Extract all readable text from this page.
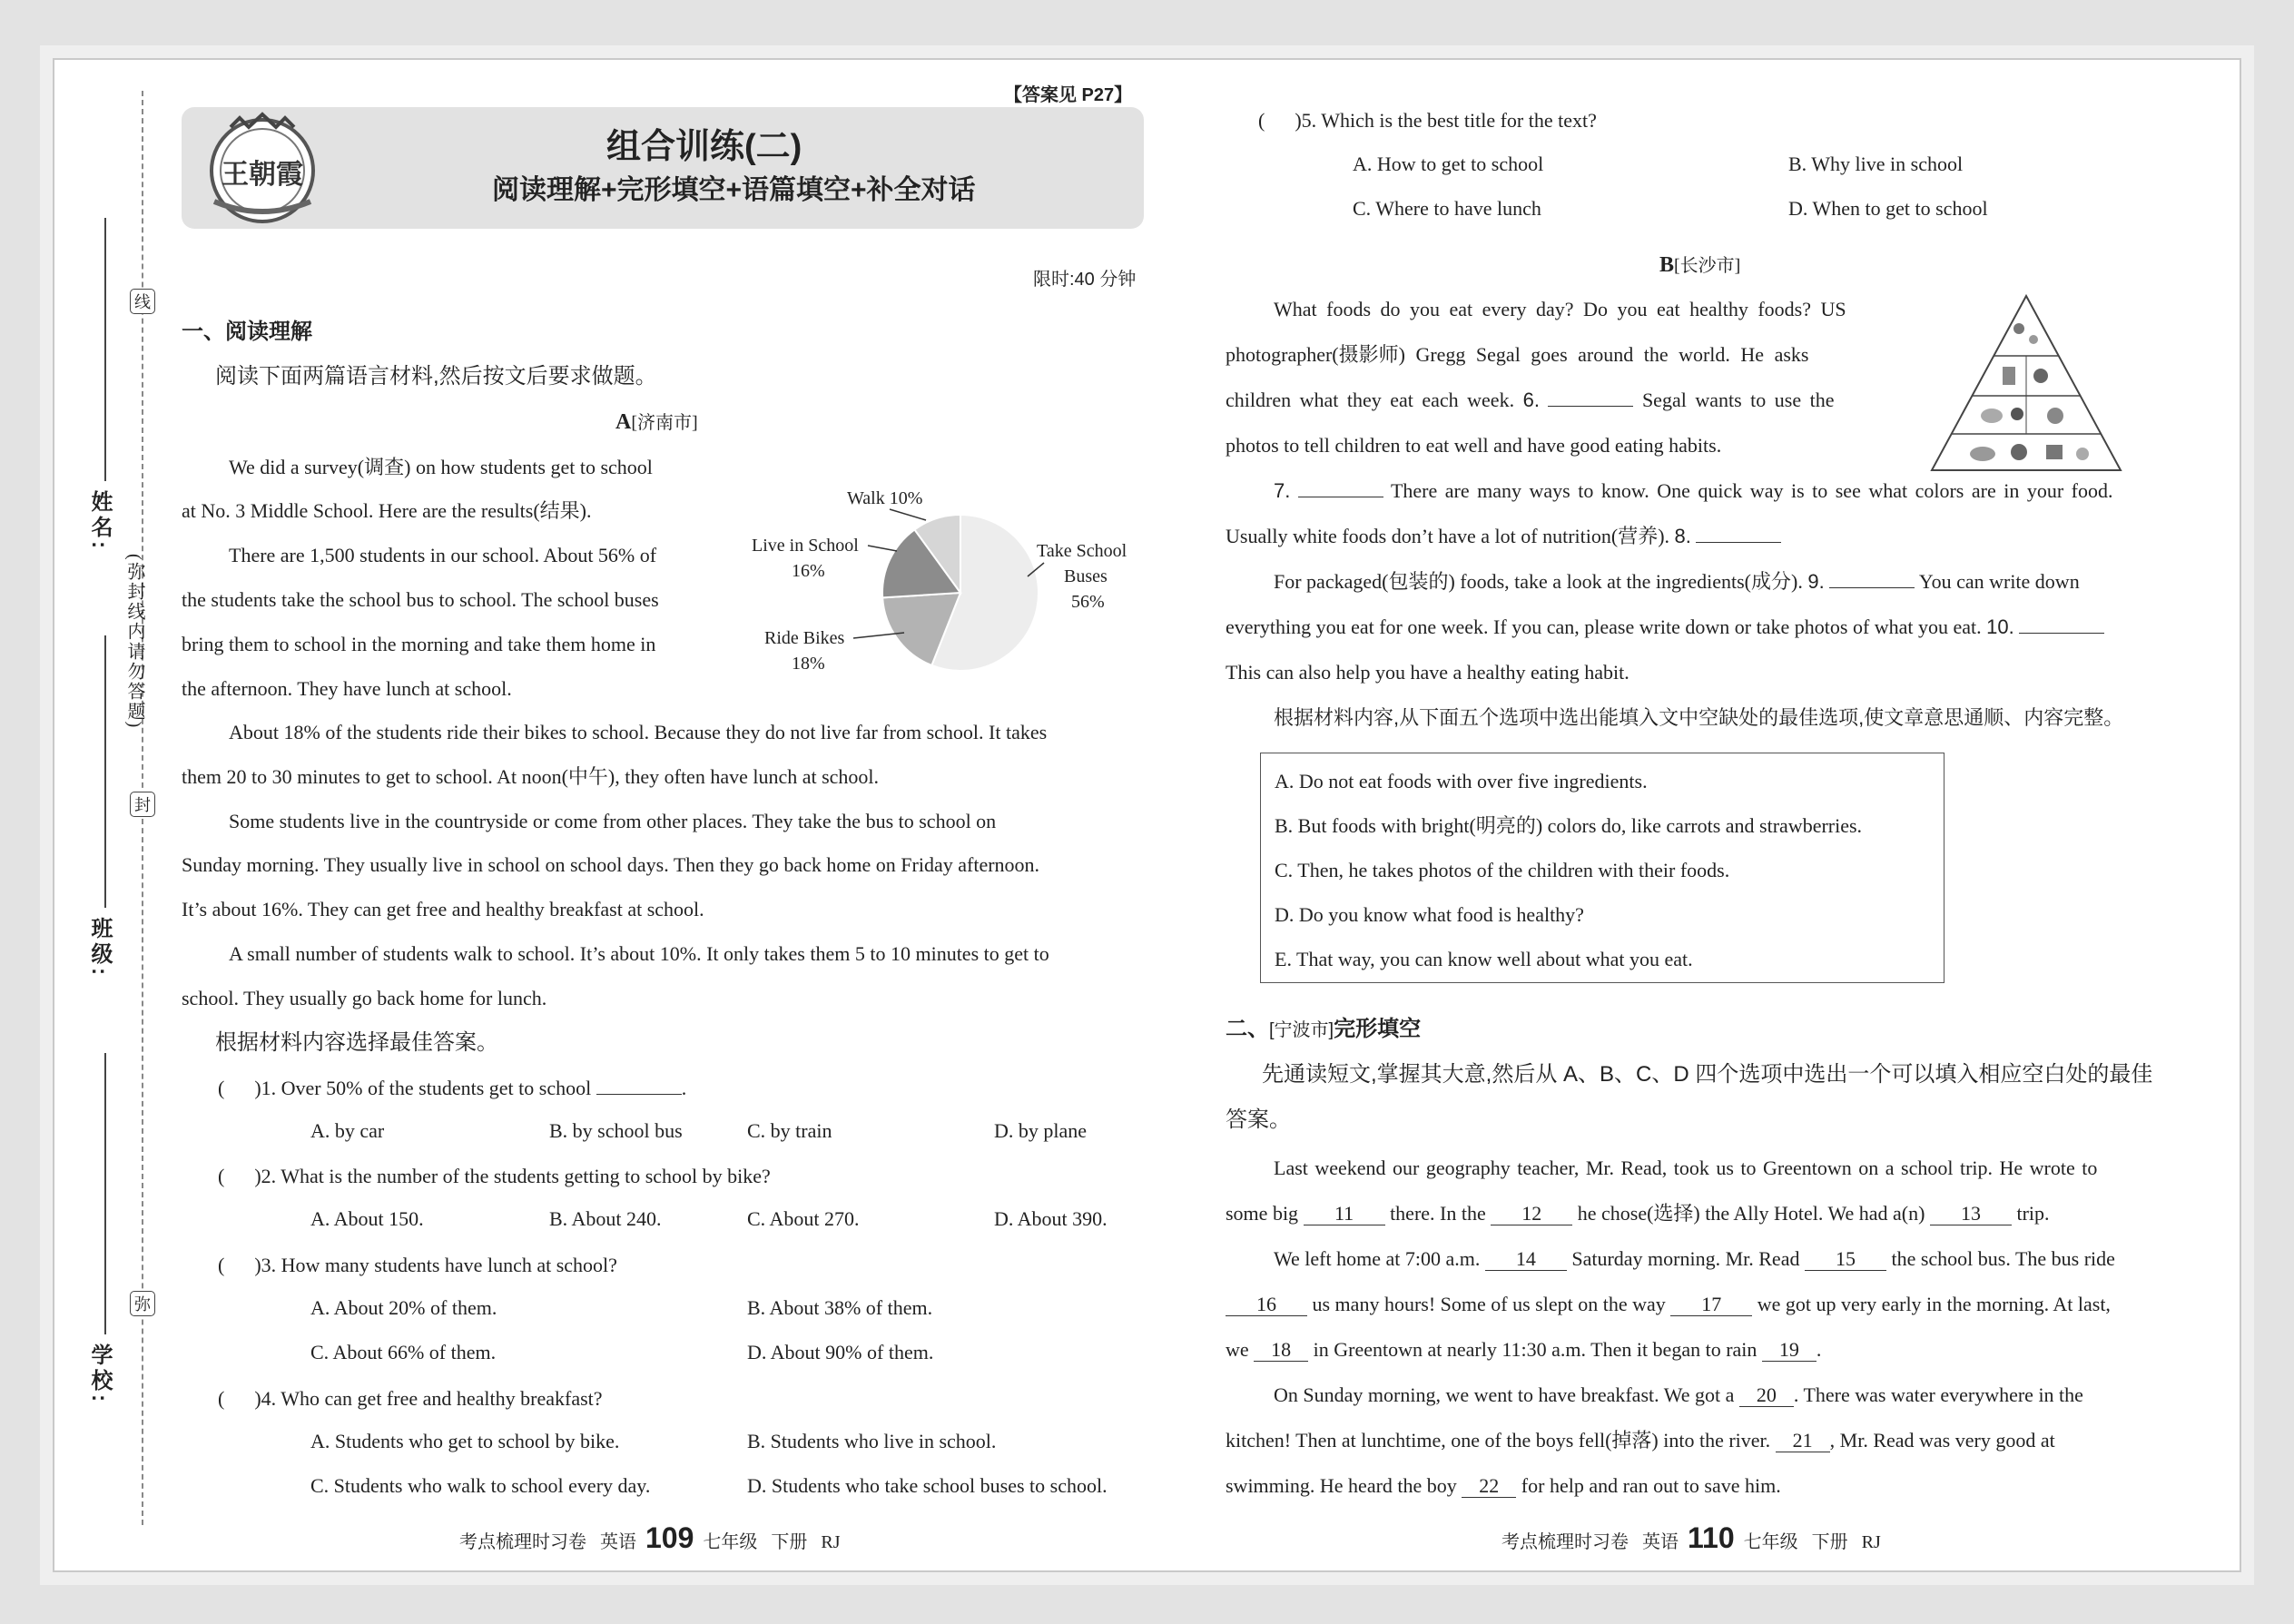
姓名:
班级:
学校:
(弥封线内请勿答题)
线
封
弥
【答案见 P27】
王朝霞
组合训练(二)
阅读理解+完形填空+语篇填空+补全对话
限时:40 分钟
一、阅读理解
阅读下面两篇语言材料,然后按文后要求做题。
A[济南市]
We did a survey(调查) on how students get to school
at No. 3 Middle School. Here are the results(结果).
There are 1,500 students in our school. About 56% of
the students take the school bus to school. The school buses
bring them to school in the morning and take them home in
the afternoon. They have lunch at school.
About 18% of the students ride their bikes to school. Because they do not live far from school. It takes
them 20 to 30 minutes to get to school. At noon(中午), they often have lunch at school.
Some students live in the countryside or come from other places. They take the bus to school on
Sunday morning. They usually live in school on school days. Then they go back home on Friday afternoon.
It’s about 16%. They can get free and healthy breakfast at school.
A small number of students walk to school. It’s about 10%. It only takes them 5 to 10 minutes to get to
school. They usually go back home for lunch.
Walk 10%
Take School
Buses
56%
Live in School
16%
Ride Bikes
18%
根据材料内容选择最佳答案。
(      )1. Over 50% of the students get to school	.
A. by car	B. by school bus	C. by train	D. by plane
(      )2. What is the number of the students getting to school by bike?
A. About 150.	B. About 240.	C. About 270.	D. About 390.
(      )3. How many students have lunch at school?
A. About 20% of them.	B. About 38% of them.
C. About 66% of them.	D. About 90% of them.
(      )4. Who can get free and healthy breakfast?
A. Students who get to school by bike.	B. Students who live in school.
C. Students who walk to school every day.	D. Students who take school buses to school.
考点梳理时习卷 英语 109 七年级 下册 RJ
(      )5. Which is the best title for the text?
A. How to get to school	B. Why live in school
C. Where to have lunch	D. When to get to school
B[长沙市]
What foods do you eat every day? Do you eat healthy foods? US
photographer(摄影师) Gregg Segal goes around the world. He asks
children what they eat each week. 6.	Segal wants to use the
photos to tell children to eat well and have good eating habits.
7.	There are many ways to know. One quick way is to see what colors are in your food.
Usually white foods don’t have a lot of nutrition(营养). 8.
For packaged(包装的) foods, take a look at the ingredients(成分). 9.	You can write down
everything you eat for one week. If you can, please write down or take photos of what you eat. 10.
This can also help you have a healthy eating habit.
根据材料内容,从下面五个选项中选出能填入文中空缺处的最佳选项,使文章意思通顺、内容完整。
A. Do not eat foods with over five ingredients.
B. But foods with bright(明亮的) colors do, like carrots and strawberries.
C. Then, he takes photos of the children with their foods.
D. Do you know what food is healthy?
E. That way, you can know well about what you eat.
二、[宁波市]完形填空
先通读短文,掌握其大意,然后从 A、B、C、D 四个选项中选出一个可以填入相应空白处的最佳
答案。
Last weekend our geography teacher, Mr. Read, took us to Greentown on a school trip. He wrote to
some big 11 there. In the 12 he chose(选择) the Ally Hotel. We had a(n) 13 trip.
We left home at 7:00 a.m. 14 Saturday morning. Mr. Read 15 the school bus. The bus ride
16 us many hours! Some of us slept on the way 17 we got up very early in the morning. At last,
we 18 in Greentown at nearly 11:30 a.m. Then it began to rain 19 .
On Sunday morning, we went to have breakfast. We got a 20 . There was water everywhere in the
kitchen! Then at lunchtime, one of the boys fell(掉落) into the river. 21 , Mr. Read was very good at
swimming. He heard the boy 22 for help and ran out to save him.
考点梳理时习卷 英语 110 七年级 下册 RJ
